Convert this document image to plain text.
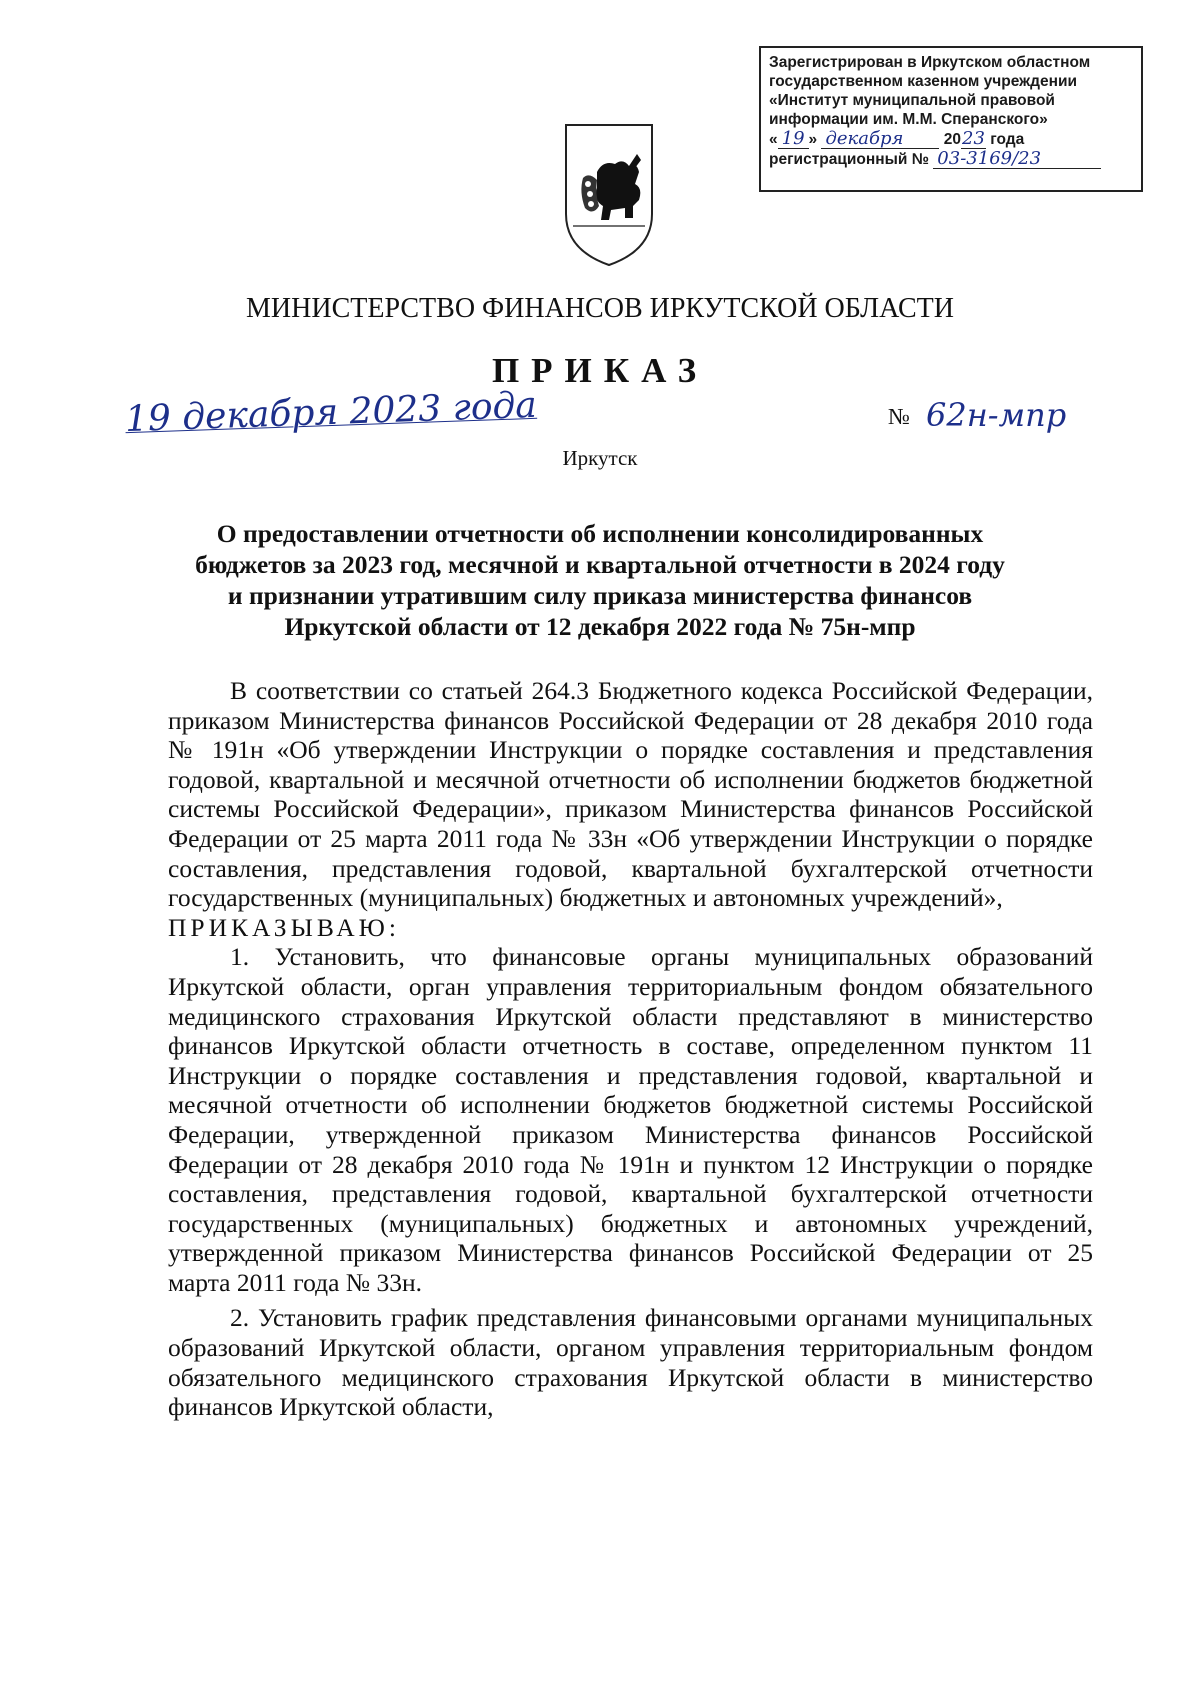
Зарегистрирован в Иркутском областном
государственном казенном учреждении
«Институт муниципальной правовой
информации им. М.М. Сперанского»
« 19 » декабря	2023 года
регистрационный № 03-3169/23
МИНИСТЕРСТВО ФИНАНСОВ ИРКУТСКОЙ ОБЛАСТИ
ПРИКАЗ
19 декабря 2023 года	№ 62н-мпр
Иркутск
О предоставлении отчетности об исполнении консолидированных
бюджетов за 2023 год, месячной и квартальной отчетности в 2024 году
и признании утратившим силу приказа министерства финансов
Иркутской области от 12 декабря 2022 года № 75н-мпр

В соответствии со статьей 264.3 Бюджетного кодекса Российской Федерации, приказом Министерства финансов Российской Федерации от 28 декабря 2010 года № 191н «Об утверждении Инструкции о порядке составления и представления годовой, квартальной и месячной отчетности об исполнении бюджетов бюджетной системы Российской Федерации», приказом Министерства финансов Российской Федерации от 25 марта 2011 года № 33н «Об утверждении Инструкции о порядке составления, представления годовой, квартальной бухгалтерской отчетности государственных (муниципальных) бюджетных и автономных учреждений»,

ПРИКАЗЫВАЮ:

1. Установить, что финансовые органы муниципальных образований Иркутской области, орган управления территориальным фондом обязательного медицинского страхования Иркутской области представляют в министерство финансов Иркутской области отчетность в составе, определенном пунктом 11 Инструкции о порядке составления и представления годовой, квартальной и месячной отчетности об исполнении бюджетов бюджетной системы Российской Федерации, утвержденной приказом Министерства финансов Российской Федерации от 28 декабря 2010 года № 191н и пунктом 12 Инструкции о порядке составления, представления годовой, квартальной бухгалтерской отчетности государственных (муниципальных) бюджетных и автономных учреждений, утвержденной приказом Министерства финансов Российской Федерации от 25 марта 2011 года № 33н.

2. Установить график представления финансовыми органами муниципальных образований Иркутской области, органом управления территориальным фондом обязательного медицинского страхования Иркутской области в министерство финансов Иркутской области,
